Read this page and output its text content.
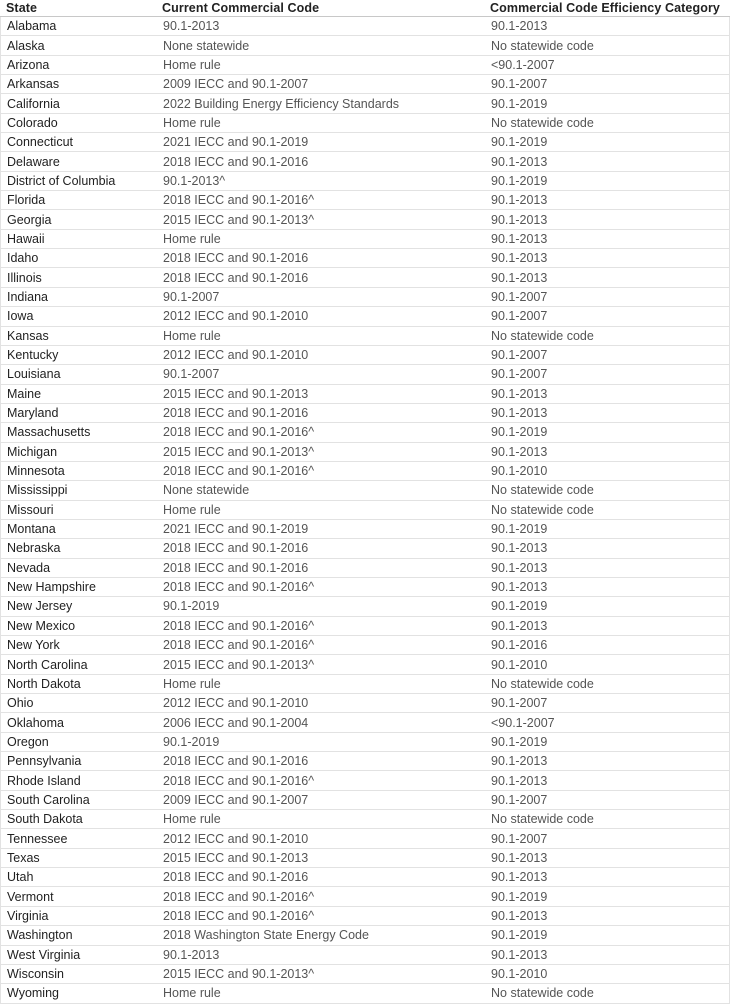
State	Current Commercial Code	Commercial Code Efficiency Category
Alabama	90.1-2013	90.1-2013
Alaska	None statewide	No statewide code
Arizona	Home rule	<90.1-2007
Arkansas	2009 IECC and 90.1-2007	90.1-2007
California	2022 Building Energy Efficiency Standards	90.1-2019
Colorado	Home rule	No statewide code
Connecticut	2021 IECC and 90.1-2019	90.1-2019
Delaware	2018 IECC and 90.1-2016	90.1-2013
District of Columbia	90.1-2013^	90.1-2019
Florida	2018 IECC and 90.1-2016^	90.1-2013
Georgia	2015 IECC and 90.1-2013^	90.1-2013
Hawaii	Home rule	90.1-2013
Idaho	2018 IECC and 90.1-2016	90.1-2013
Illinois	2018 IECC and 90.1-2016	90.1-2013
Indiana	90.1-2007	90.1-2007
Iowa	2012 IECC and 90.1-2010	90.1-2007
Kansas	Home rule	No statewide code
Kentucky	2012 IECC and 90.1-2010	90.1-2007
Louisiana	90.1-2007	90.1-2007
Maine	2015 IECC and 90.1-2013	90.1-2013
Maryland	2018 IECC and 90.1-2016	90.1-2013
Massachusetts	2018 IECC and 90.1-2016^	90.1-2019
Michigan	2015 IECC and 90.1-2013^	90.1-2013
Minnesota	2018 IECC and 90.1-2016^	90.1-2010
Mississippi	None statewide	No statewide code
Missouri	Home rule	No statewide code
Montana	2021 IECC and 90.1-2019	90.1-2019
Nebraska	2018 IECC and 90.1-2016	90.1-2013
Nevada	2018 IECC and 90.1-2016	90.1-2013
New Hampshire	2018 IECC and 90.1-2016^	90.1-2013
New Jersey	90.1-2019	90.1-2019
New Mexico	2018 IECC and 90.1-2016^	90.1-2013
New York	2018 IECC and 90.1-2016^	90.1-2016
North Carolina	2015 IECC and 90.1-2013^	90.1-2010
North Dakota	Home rule	No statewide code
Ohio	2012 IECC and 90.1-2010	90.1-2007
Oklahoma	2006 IECC and 90.1-2004	<90.1-2007
Oregon	90.1-2019	90.1-2019
Pennsylvania	2018 IECC and 90.1-2016	90.1-2013
Rhode Island	2018 IECC and 90.1-2016^	90.1-2013
South Carolina	2009 IECC and 90.1-2007	90.1-2007
South Dakota	Home rule	No statewide code
Tennessee	2012 IECC and 90.1-2010	90.1-2007
Texas	2015 IECC and 90.1-2013	90.1-2013
Utah	2018 IECC and 90.1-2016	90.1-2013
Vermont	2018 IECC and 90.1-2016^	90.1-2019
Virginia	2018 IECC and 90.1-2016^	90.1-2013
Washington	2018 Washington State Energy Code	90.1-2019
West Virginia	90.1-2013	90.1-2013
Wisconsin	2015 IECC and 90.1-2013^	90.1-2010
Wyoming	Home rule	No statewide code
